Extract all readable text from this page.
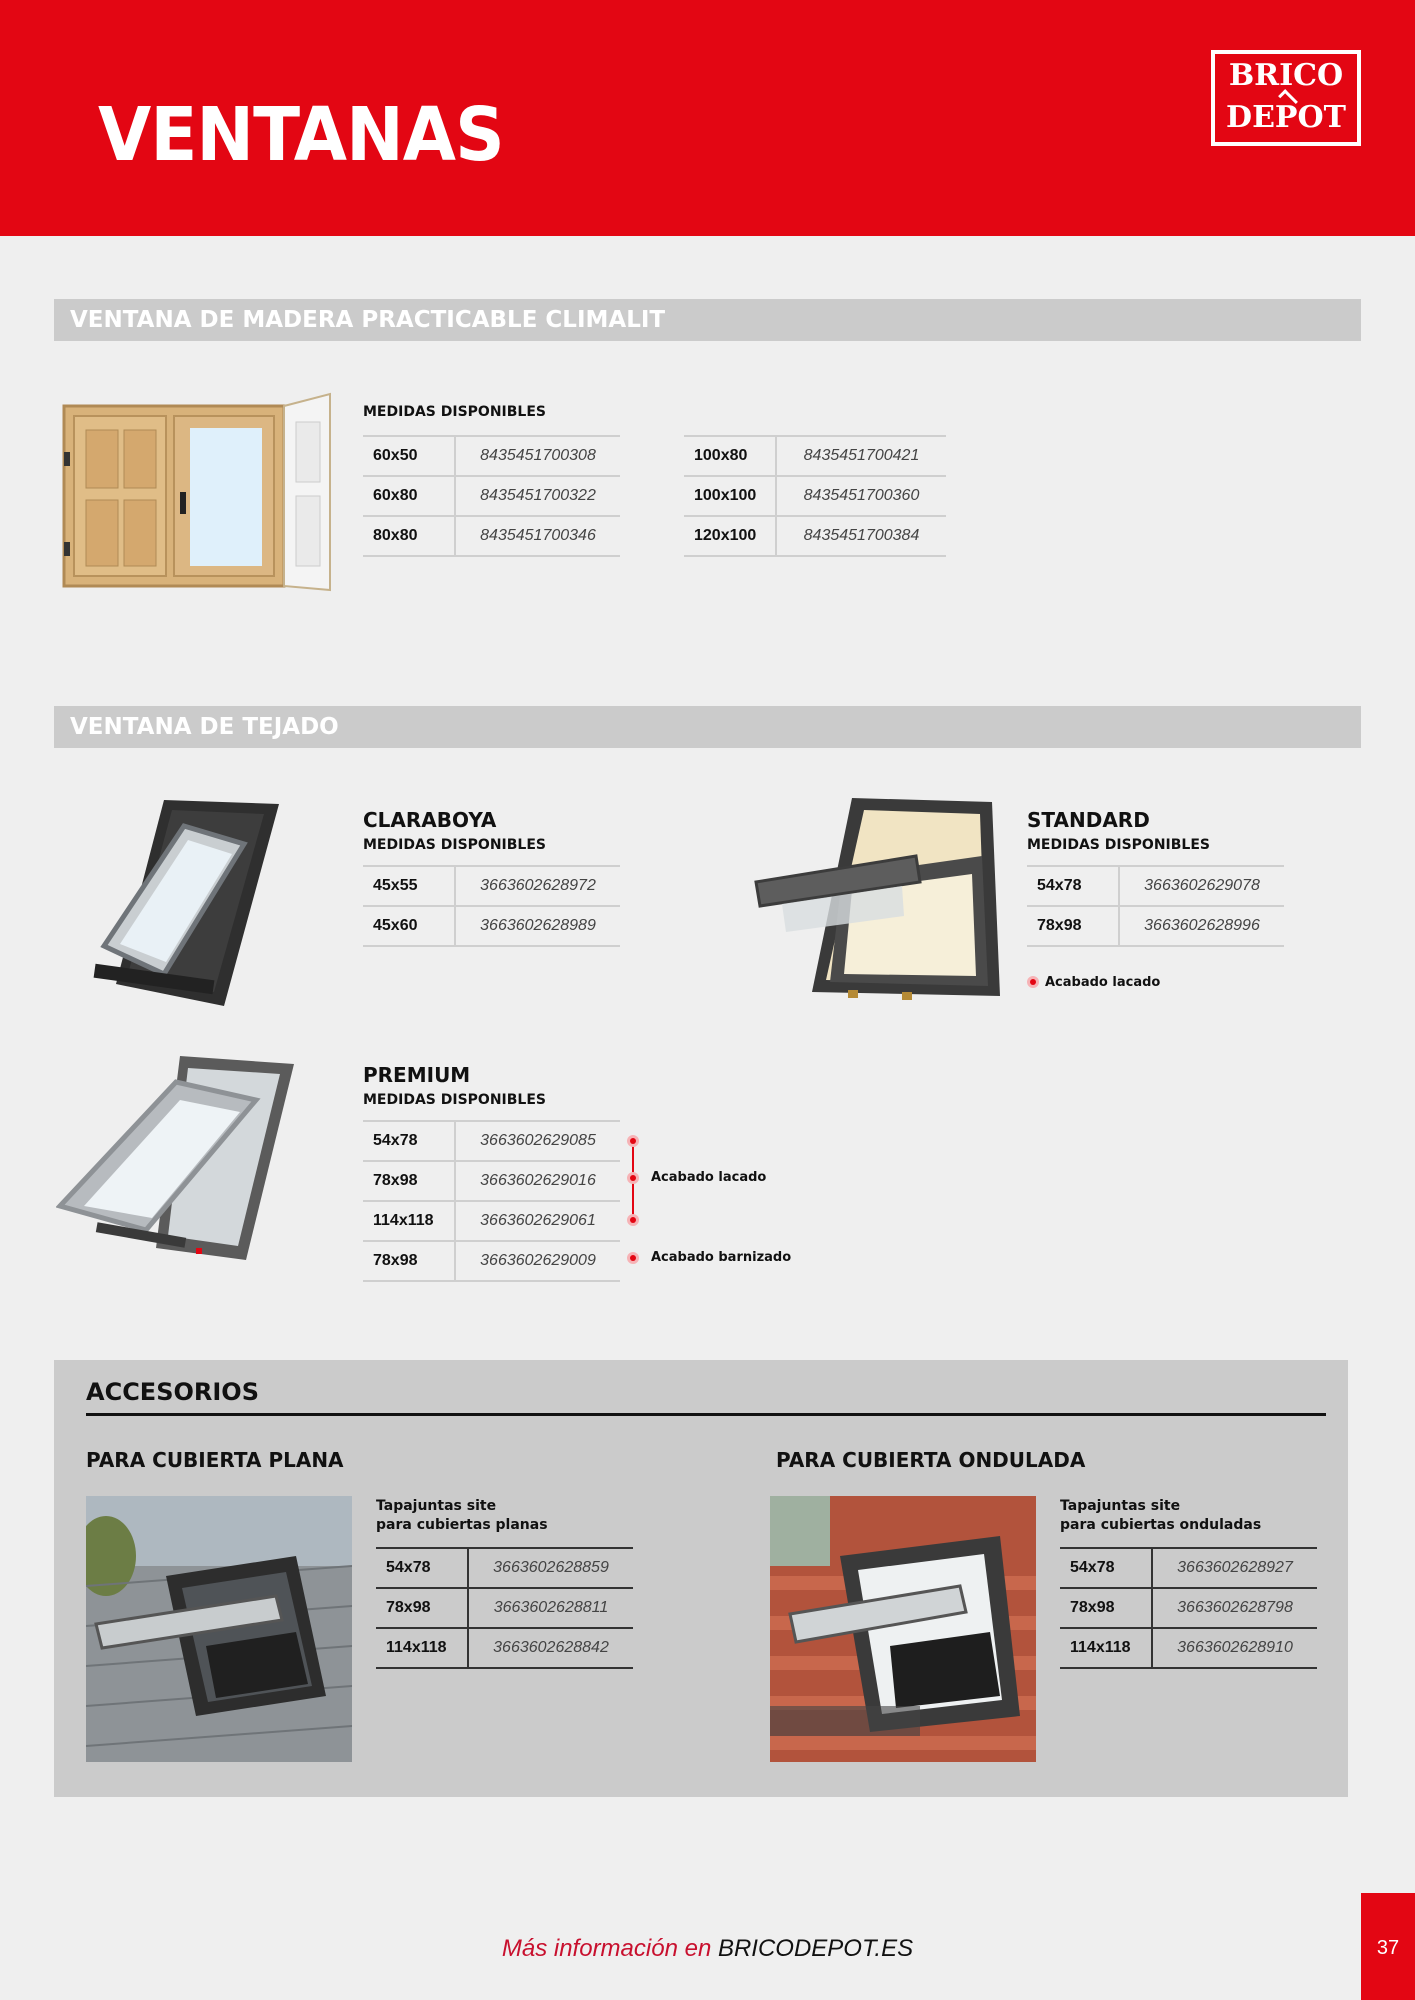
VENTANAS
BRICO
DEPOT
VENTANA DE MADERA PRACTICABLE CLIMALIT
MEDIDAS DISPONIBLES
60x50	8435451700308
60x80	8435451700322
80x80	8435451700346
100x80	8435451700421
100x100	8435451700360
120x100	8435451700384
VENTANA DE TEJADO
CLARABOYA
MEDIDAS DISPONIBLES
45x55	3663602628972
45x60	3663602628989
STANDARD
MEDIDAS DISPONIBLES
54x78	3663602629078
78x98	3663602628996
Acabado lacado
PREMIUM
MEDIDAS DISPONIBLES
54x78	3663602629085
78x98	3663602629016
114x118	3663602629061
78x98	3663602629009
Acabado lacado
Acabado barnizado
ACCESORIOS
PARA CUBIERTA PLANA
Tapajuntas site
para cubiertas planas
54x78	3663602628859
78x98	3663602628811
114x118	3663602628842
PARA CUBIERTA ONDULADA
Tapajuntas site
para cubiertas onduladas
54x78	3663602628927
78x98	3663602628798
114x118	3663602628910
Más información en BRICODEPOT.ES	37
